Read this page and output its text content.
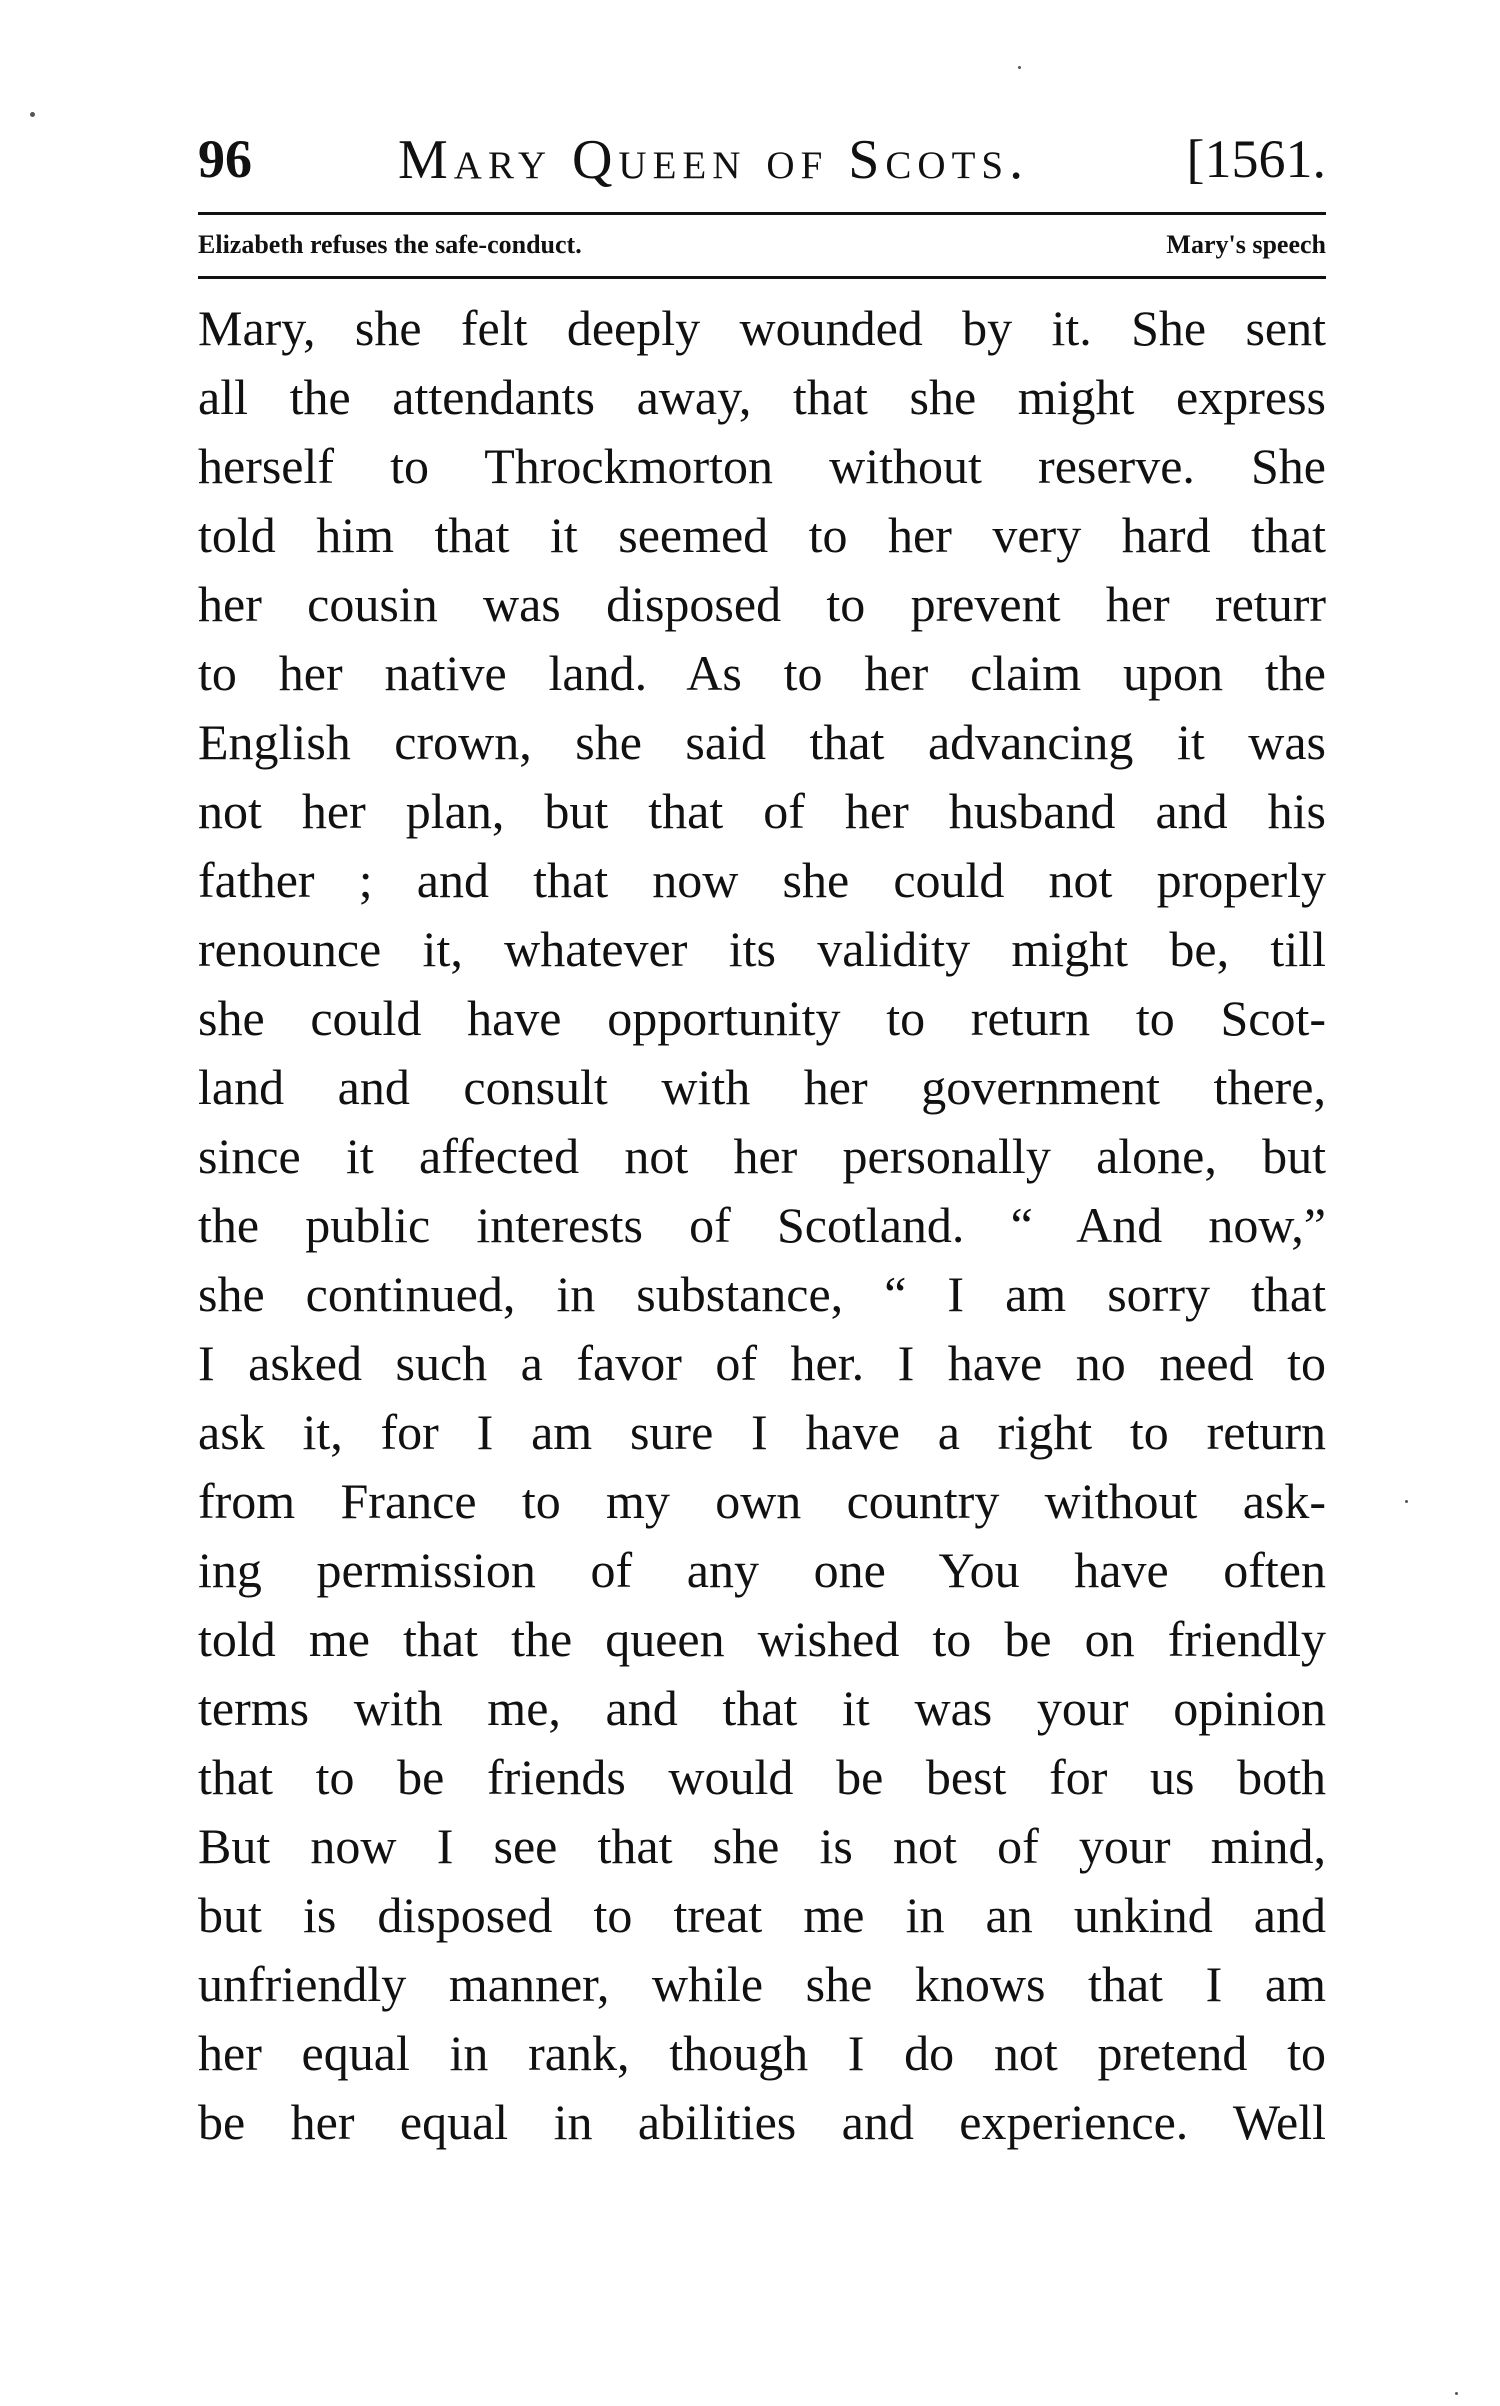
96	Mary Queen of Scots.	[1561.
Elizabeth refuses the safe-conduct.	Mary's speech
Mary, she felt deeply wounded by it. She sent
all the attendants away, that she might express
herself to Throckmorton without reserve. She
told him that it seemed to her very hard that
her cousin was disposed to prevent her returr
to her native land. As to her claim upon the
English crown, she said that advancing it was
not her plan, but that of her husband and his
father ; and that now she could not properly
renounce it, whatever its validity might be, till
she could have opportunity to return to Scot-
land and consult with her government there,
since it affected not her personally alone, but
the public interests of Scotland. “ And now,”
she continued, in substance, “ I am sorry that
I asked such a favor of her. I have no need to
ask it, for I am sure I have a right to return
from France to my own country without ask-
ing permission of any one You have often
told me that the queen wished to be on friendly
terms with me, and that it was your opinion
that to be friends would be best for us both
But now I see that she is not of your mind,
but is disposed to treat me in an unkind and
unfriendly manner, while she knows that I am
her equal in rank, though I do not pretend to
be her equal in abilities and experience. Well
